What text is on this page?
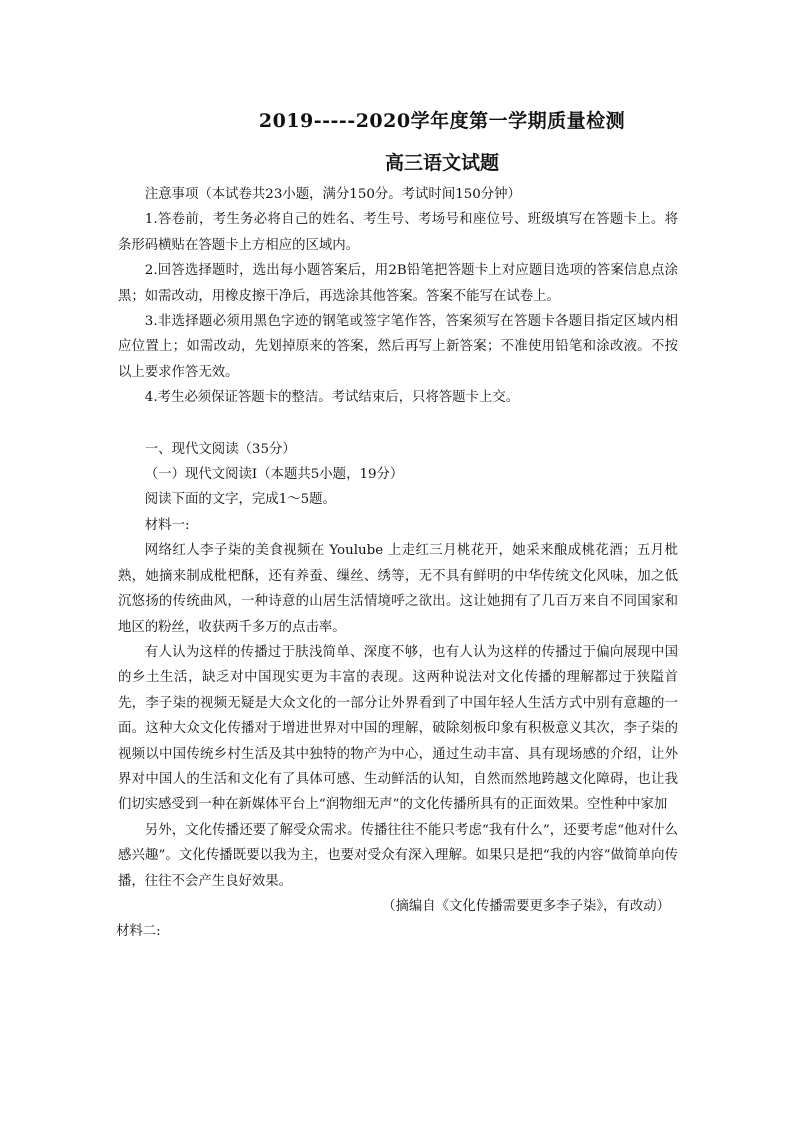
2019-----2020学年度第一学期质量检测
高三语文试题

注意事项（本试卷共23小题，满分150分。考试时间150分钟）

1.答卷前，考生务必将自己的姓名、考生号、考场号和座位号、班级填写在答题卡上。将条形码横贴在答题卡上方相应的区域内。

2.回答选择题时，选出每小题答案后，用2B铅笔把答题卡上对应题目选项的答案信息点涂黑；如需改动，用橡皮擦干净后，再选涂其他答案。答案不能写在试卷上。

3.非选择题必须用黑色字迹的钢笔或签字笔作答，答案须写在答题卡各题目指定区域内相应位置上；如需改动，先划掉原来的答案，然后再写上新答案；不准使用铅笔和涂改液。不按以上要求作答无效。

4.考生必须保证答题卡的整洁。考试结束后，只将答题卡上交。

一、现代文阅读（35分）

（一）现代文阅读Ⅰ（本题共5小题，19分）

阅读下面的文字，完成1～5题。

材料一:

网络红人李子柒的美食视频在 Youlube 上走红三月桃花开，她采来酿成桃花酒；五月枇熟，她摘来制成枇杷酥，还有养蚕、缫丝、绣等，无不具有鲜明的中华传统文化风味，加之低沉悠扬的传统曲风，一种诗意的山居生活情境呼之欲出。这让她拥有了几百万来自不同国家和地区的粉丝，收获两千多万的点击率。

有人认为这样的传播过于肤浅简单、深度不够，也有人认为这样的传播过于偏向展现中国的乡土生活，缺乏对中国现实更为丰富的表现。这两种说法对文化传播的理解都过于狭隘首先，李子柒的视频无疑是大众文化的一部分让外界看到了中国年轻人生活方式中别有意趣的一面。这种大众文化传播对于增进世界对中国的理解，破除刻板印象有积极意义其次，李子柒的视频以中国传统乡村生活及其中独特的物产为中心，通过生动丰富、具有现场感的介绍，让外界对中国人的生活和文化有了具体可感、生动鲜活的认知，自然而然地跨越文化障碍，也让我们切实感受到一种在新媒体平台上“润物细无声”的文化传播所具有的正面效果。空性种中家加

另外，文化传播还要了解受众需求。传播往往不能只考虑“我有什么”，还要考虑“他对什么感兴趣”。文化传播既要以我为主，也要对受众有深入理解。如果只是把“我的内容”做简单向传播，往往不会产生良好效果。

（摘编自《文化传播需要更多李子柒》，有改动）

材料二:
